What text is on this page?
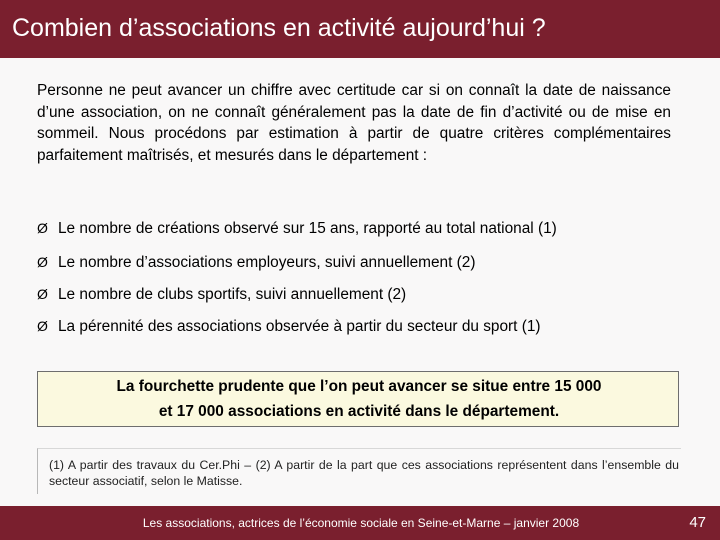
Combien d’associations en activité aujourd’hui ?
Personne ne peut avancer un chiffre avec certitude car si on connaît la date de naissance d’une association, on ne connaît généralement pas la date de fin d’activité ou de mise en sommeil. Nous procédons par estimation à partir de quatre critères complémentaires parfaitement maîtrisés, et mesurés dans le département :
Ø Le nombre de créations observé sur 15 ans, rapporté au total national (1)
Ø Le nombre d’associations employeurs, suivi annuellement (2)
Ø Le nombre de clubs sportifs, suivi annuellement (2)
Ø La pérennité des associations observée à partir du secteur du sport (1)
La fourchette prudente que l’on peut avancer se situe entre 15 000
et 17 000 associations en activité dans le département.
(1) A partir des travaux du Cer.Phi – (2) A partir de la part que ces associations représentent dans l’ensemble du secteur associatif, selon le Matisse.
Les associations, actrices de l’économie sociale en Seine-et-Marne – janvier 2008	47
